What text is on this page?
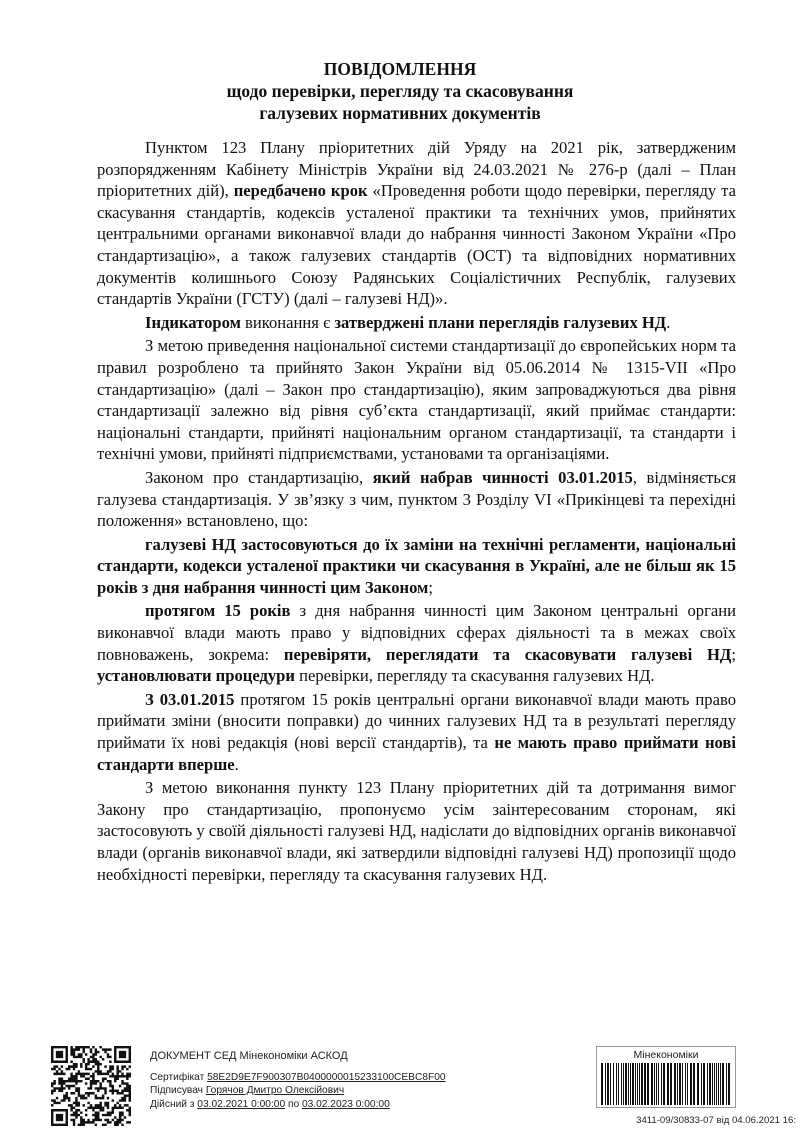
ПОВІДОМЛЕННЯ
щодо перевірки, перегляду та скасовування
галузевих нормативних документів

Пунктом 123 Плану пріоритетних дій Уряду на 2021 рік, затвердженим розпорядженням Кабінету Міністрів України від 24.03.2021 № 276-р (далі – План пріоритетних дій), передбачено крок «Проведення роботи щодо перевірки, перегляду та скасування стандартів, кодексів усталеної практики та технічних умов, прийнятих центральними органами виконавчої влади до набрання чинності Законом України «Про стандартизацію», а також галузевих стандартів (ОСТ) та відповідних нормативних документів колишнього Союзу Радянських Соціалістичних Республік, галузевих стандартів України (ГСТУ) (далі – галузеві НД)».

Індикатором виконання є затверджені плани переглядів галузевих НД.

З метою приведення національної системи стандартизації до європейських норм та правил розроблено та прийнято Закон України від 05.06.2014 № 1315-VII «Про стандартизацію» (далі – Закон про стандартизацію), яким запроваджуються два рівня стандартизації залежно від рівня суб’єкта стандартизації, який приймає стандарти: національні стандарти, прийняті національним органом стандартизації, та стандарти і технічні умови, прийняті підприємствами, установами та організаціями.

Законом про стандартизацію, який набрав чинності 03.01.2015, відміняється галузева стандартизація. У зв’язку з чим, пунктом 3 Розділу VI «Прикінцеві та перехідні положення» встановлено, що:

галузеві НД застосовуються до їх заміни на технічні регламенти, національні стандарти, кодекси усталеної практики чи скасування в Україні, але не більш як 15 років з дня набрання чинності цим Законом;

протягом 15 років з дня набрання чинності цим Законом центральні органи виконавчої влади мають право у відповідних сферах діяльності та в межах своїх повноважень, зокрема: перевіряти, переглядати та скасовувати галузеві НД; установлювати процедури перевірки, перегляду та скасування галузевих НД.

З 03.01.2015 протягом 15 років центральні органи виконавчої влади мають право приймати зміни (вносити поправки) до чинних галузевих НД та в результаті перегляду приймати їх нові редакція (нові версії стандартів), та не мають право приймати нові стандарти вперше.

З метою виконання пункту 123 Плану пріоритетних дій та дотримання вимог Закону про стандартизацію, пропонуємо усім заінтересованим сторонам, які застосовують у своїй діяльності галузеві НД, надіслати до відповідних органів виконавчої влади (органів виконавчої влади, які затвердили відповідні галузеві НД) пропозиції щодо необхідності перевірки, перегляду та скасування галузевих НД.

ДОКУМЕНТ СЕД Мінекономіки АСКОД
Сертифікат 58E2D9E7F900307B0400000015233100CEBC8F00
Підписувач Горячов Дмитро Олексійович
Дійсний з 03.02.2021 0:00:00 по 03.02.2023 0:00:00
Мінекономіки
3411-09/30833-07 від 04.06.2021 16:
